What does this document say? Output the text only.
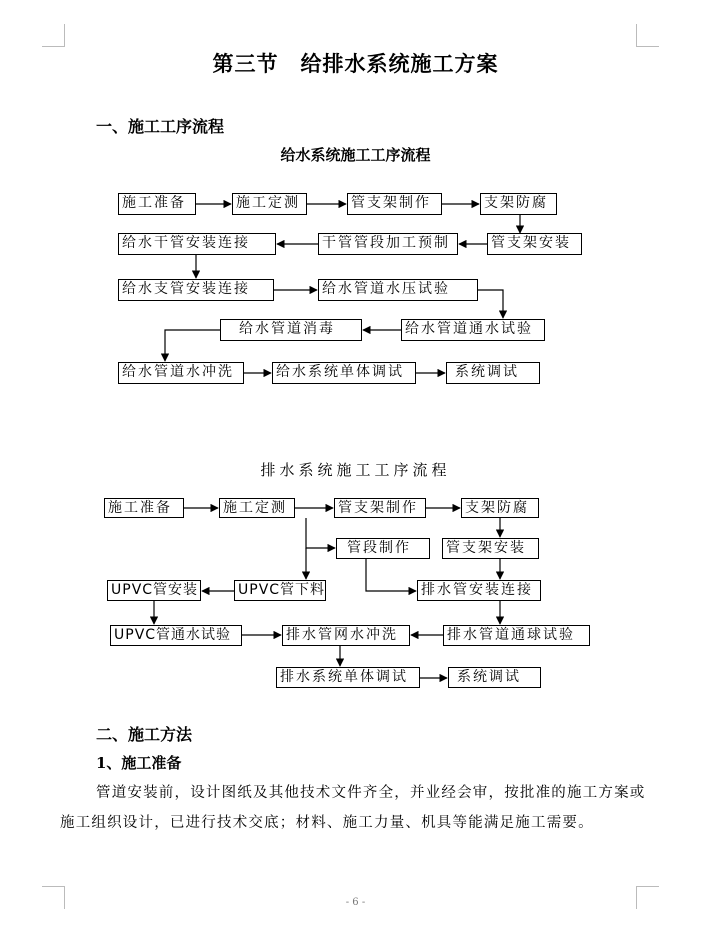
第三节　给排水系统施工方案
一、施工工序流程
给水系统施工工序流程
施工准备	施工定测	管支架制作	支架防腐
给水干管安装连接	干管管段加工预制	管支架安装
给水支管安装连接	给水管道水压试验
给水管道消毒	给水管道通水试验
给水管道水冲洗	给水系统单体调试	系统调试
排水系统施工工序流程
施工准备	施工定测	管支架制作	支架防腐
管段制作	管支架安装
UPVC管安装	UPVC管下料	排水管安装连接
UPVC管通水试验	排水管网水冲洗	排水管道通球试验
排水系统单体调试	系统调试
二、施工方法
1、施工准备
管道安装前，设计图纸及其他技术文件齐全，并业经会审，按批准的施工方案或施工组织设计，已进行技术交底；材料、施工力量、机具等能满足施工需要。
- 6 -
